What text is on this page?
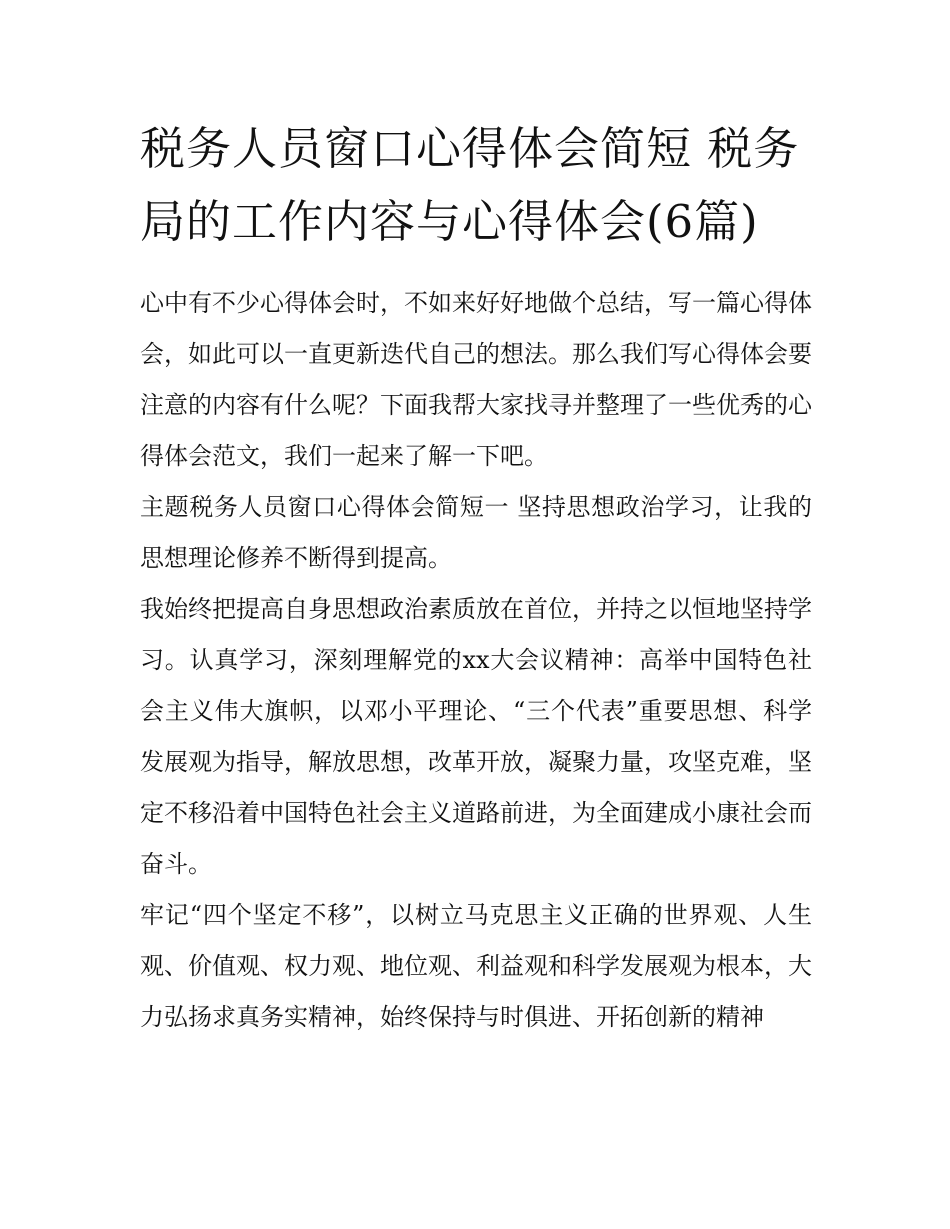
税务人员窗口心得体会简短 税务局的工作内容与心得体会(6篇)

心中有不少心得体会时，不如来好好地做个总结，写一篇心得体会，如此可以一直更新迭代自己的想法。那么我们写心得体会要注意的内容有什么呢？下面我帮大家找寻并整理了一些优秀的心得体会范文，我们一起来了解一下吧。

主题税务人员窗口心得体会简短一 坚持思想政治学习，让我的思想理论修养不断得到提高。

我始终把提高自身思想政治素质放在首位，并持之以恒地坚持学习。认真学习，深刻理解党的xx大会议精神：高举中国特色社会主义伟大旗帜，以邓小平理论、“三个代表”重要思想、科学发展观为指导，解放思想，改革开放，凝聚力量，攻坚克难，坚定不移沿着中国特色社会主义道路前进，为全面建成小康社会而奋斗。

牢记“四个坚定不移”，以树立马克思主义正确的世界观、人生观、价值观、权力观、地位观、利益观和科学发展观为根本，大力弘扬求真务实精神，始终保持与时俱进、开拓创新的精神
